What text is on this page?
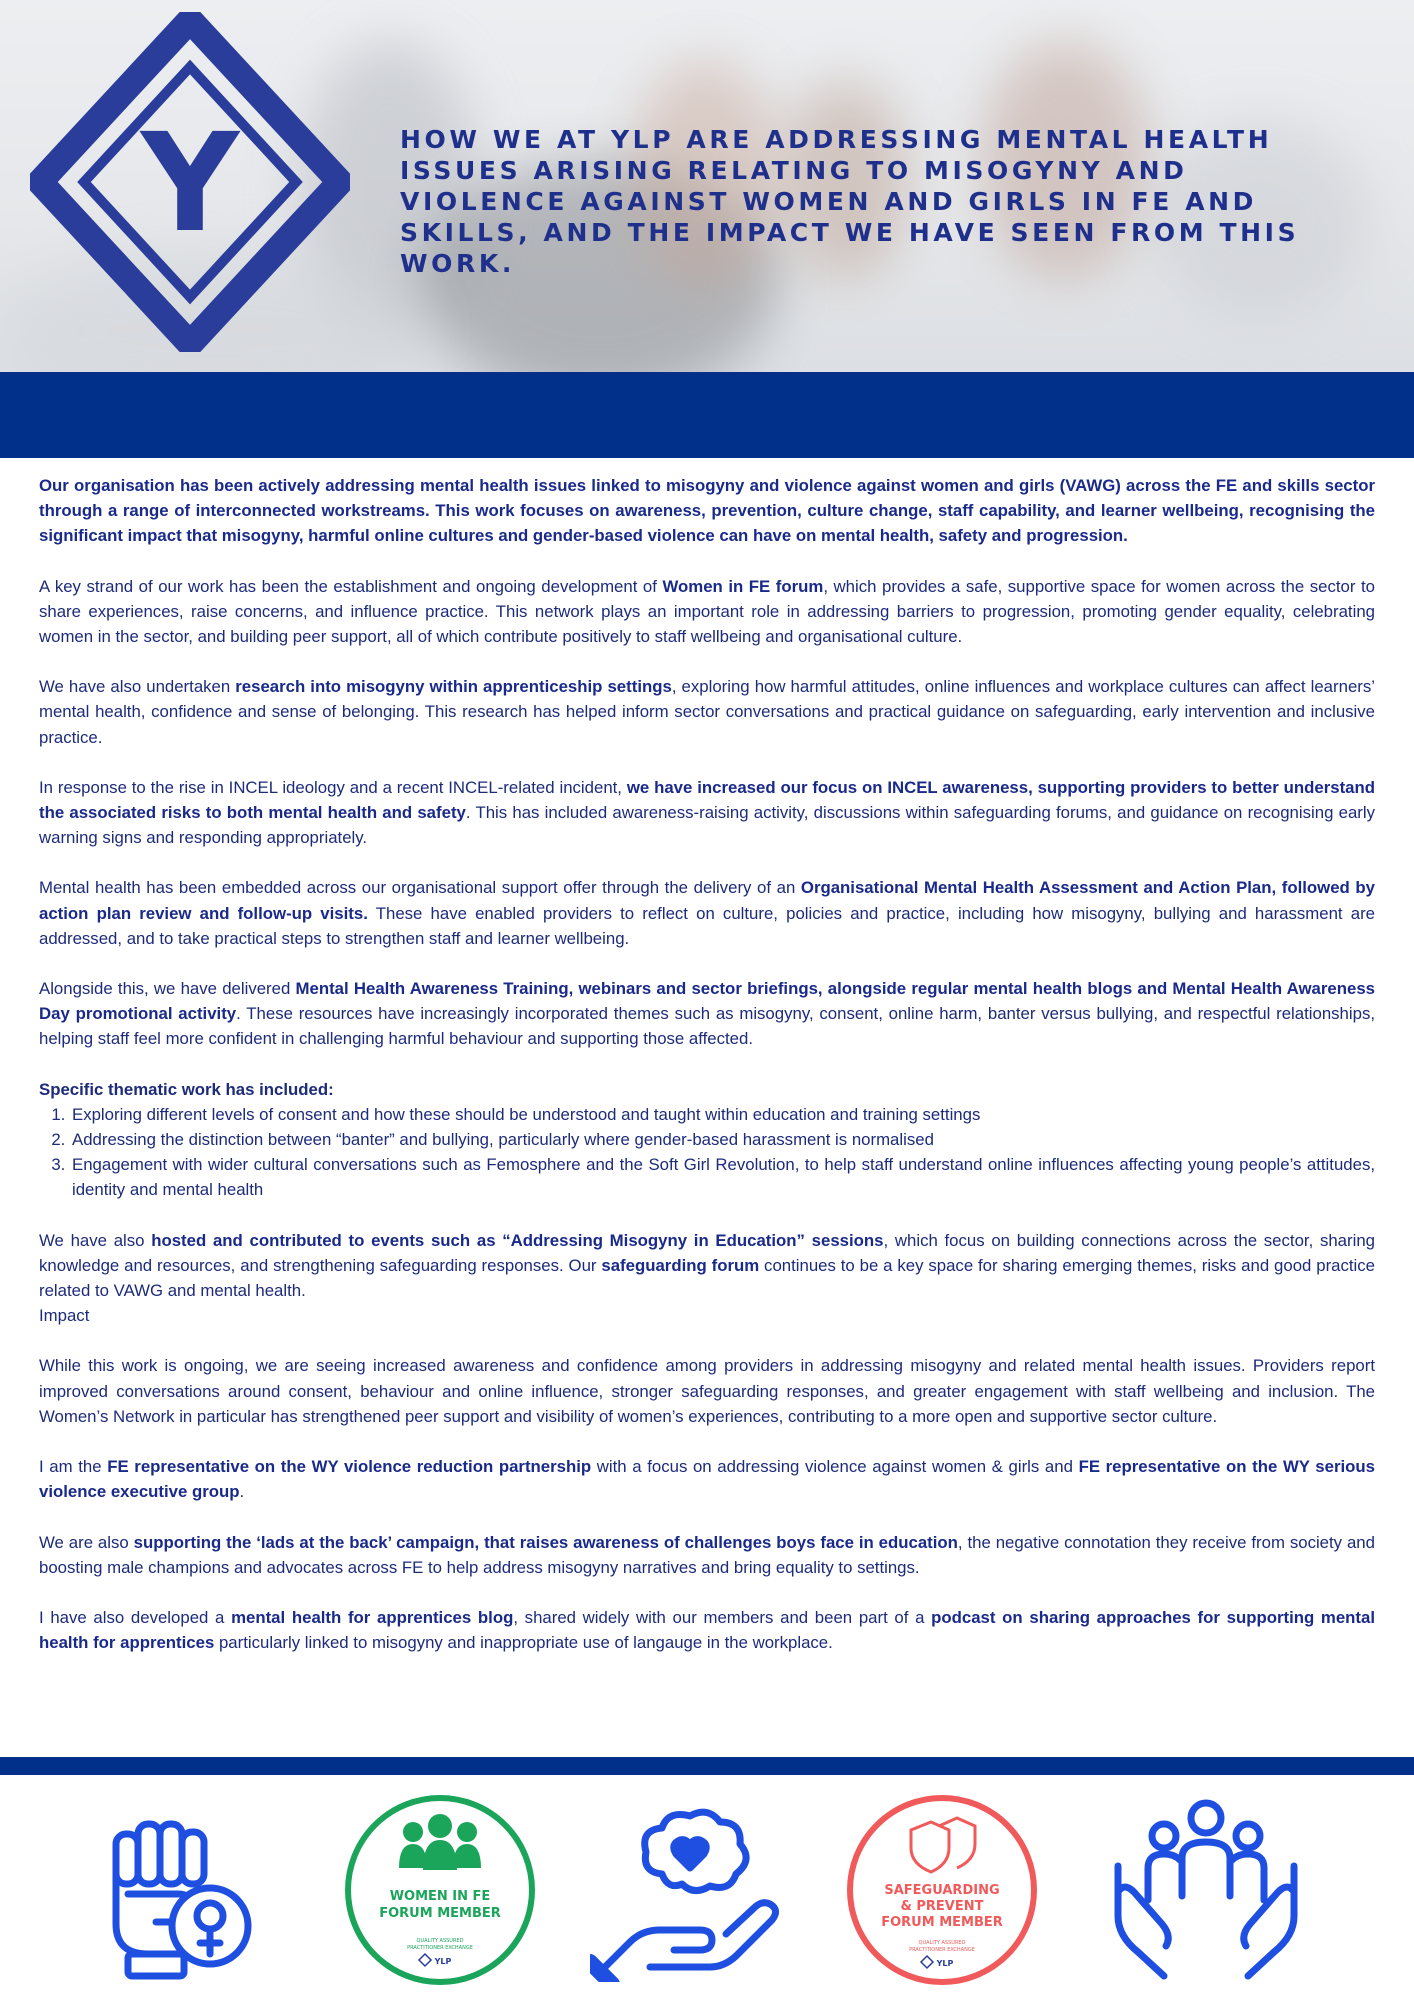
Y	HOW WE AT YLP ARE ADDRESSING MENTAL HEALTH ISSUES ARISING RELATING TO MISOGYNY AND VIOLENCE AGAINST WOMEN AND GIRLS IN FE AND SKILLS, AND THE IMPACT WE HAVE SEEN FROM THIS WORK.

Our organisation has been actively addressing mental health issues linked to misogyny and violence against women and girls (VAWG) across the FE and skills sector through a range of interconnected workstreams. This work focuses on awareness, prevention, culture change, staff capability, and learner wellbeing, recognising the significant impact that misogyny, harmful online cultures and gender-based violence can have on mental health, safety and progression.

A key strand of our work has been the establishment and ongoing development of Women in FE forum, which provides a safe, supportive space for women across the sector to share experiences, raise concerns, and influence practice. This network plays an important role in addressing barriers to progression, promoting gender equality, celebrating women in the sector, and building peer support, all of which contribute positively to staff wellbeing and organisational culture.

We have also undertaken research into misogyny within apprenticeship settings, exploring how harmful attitudes, online influences and workplace cultures can affect learners’ mental health, confidence and sense of belonging. This research has helped inform sector conversations and practical guidance on safeguarding, early intervention and inclusive practice.

In response to the rise in INCEL ideology and a recent INCEL-related incident, we have increased our focus on INCEL awareness, supporting providers to better understand the associated risks to both mental health and safety. This has included awareness-raising activity, discussions within safeguarding forums, and guidance on recognising early warning signs and responding appropriately.

Mental health has been embedded across our organisational support offer through the delivery of an Organisational Mental Health Assessment and Action Plan, followed by action plan review and follow-up visits. These have enabled providers to reflect on culture, policies and practice, including how misogyny, bullying and harassment are addressed, and to take practical steps to strengthen staff and learner wellbeing.

Alongside this, we have delivered Mental Health Awareness Training, webinars and sector briefings, alongside regular mental health blogs and Mental Health Awareness Day promotional activity. These resources have increasingly incorporated themes such as misogyny, consent, online harm, banter versus bullying, and respectful relationships, helping staff feel more confident in challenging harmful behaviour and supporting those affected.

Specific thematic work has included:

1. Exploring different levels of consent and how these should be understood and taught within education and training settings
2. Addressing the distinction between “banter” and bullying, particularly where gender-based harassment is normalised
3. Engagement with wider cultural conversations such as Femosphere and the Soft Girl Revolution, to help staff understand online influences affecting young people’s attitudes, identity and mental health

We have also hosted and contributed to events such as “Addressing Misogyny in Education” sessions, which focus on building connections across the sector, sharing knowledge and resources, and strengthening safeguarding responses. Our safeguarding forum continues to be a key space for sharing emerging themes, risks and good practice related to VAWG and mental health.

Impact

While this work is ongoing, we are seeing increased awareness and confidence among providers in addressing misogyny and related mental health issues. Providers report improved conversations around consent, behaviour and online influence, stronger safeguarding responses, and greater engagement with staff wellbeing and inclusion. The Women’s Network in particular has strengthened peer support and visibility of women’s experiences, contributing to a more open and supportive sector culture.

I am the FE representative on the WY violence reduction partnership with a focus on addressing violence against women & girls and FE representative on the WY serious violence executive group.

We are also supporting the ‘lads at the back’ campaign, that raises awareness of challenges boys face in education, the negative connotation they receive from society and boosting male champions and advocates across FE to help address misogyny narratives and bring equality to settings.

I have also developed a mental health for apprentices blog, shared widely with our members and been part of a podcast on sharing approaches for supporting mental health for apprentices particularly linked to misogyny and inappropriate use of langauge in the workplace.

WOMEN IN FE
FORUM MEMBER
QUALITY ASSURED
PRACTITIONER EXCHANGE
YLP
SAFEGUARDING
& PREVENT
FORUM MEMBER
QUALITY ASSURED
PRACTITIONER EXCHANGE
YLP
